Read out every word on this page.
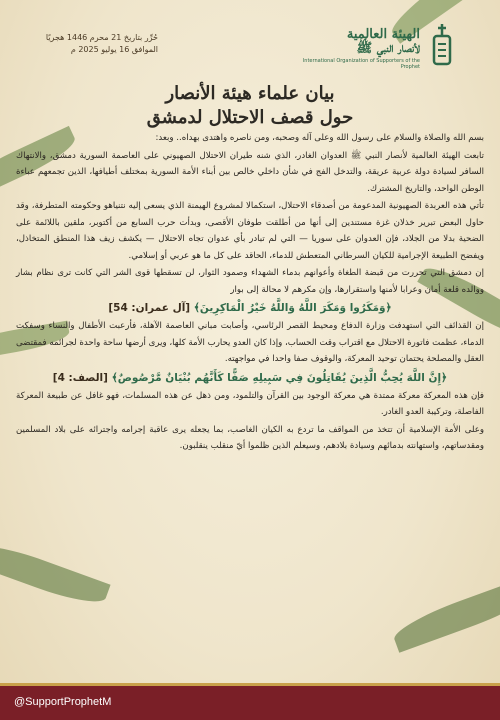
الهيئة العالمية
لأنصار النبي ﷺ
International Organization of Supporters of the Prophet
حُرِّر بتاريخ 21 محرم 1446 هجريًا
الموافق 16 يوليو 2025 م
بيان علماء هيئة الأنصار
حول قصف الاحتلال لدمشق

بسم الله والصلاة والسلام على رسول الله وعلى آله وصحبه، ومن ناصره واهتدى بهداه.. وبعد:

تابعت الهيئة العالمية لأنصار النبي ﷺ العدوان الغادر، الذي شنه طيران الاحتلال الصهيوني على العاصمة السورية دمشق، والانتهاك السافر لسيادة دولة عربية عريقة، والتدخل الفج في شأن داخلي خالص بين أبناء الأمة السورية بمختلف أطيافها، الذين تجمعهم عباءة الوطن الواحد، والتاريخ المشترك.

تأتي هذه العربدة الصهيونية المدعومة من أصدقاء الاحتلال، استكمالا لمشروع الهيمنة الذي يسعى إليه نتنياهو وحكومته المتطرفة، وقد حاول البعض تبرير خذلان غزة مستندين إلى أنها من أطلقت طوفان الأقصى، وبدأت حرب السابع من أكتوبر، ملقين باللائمة على الضحية بدلا من الجلاد، فإن العدوان على سوريا — التي لم تبادر بأي عدوان تجاه الاحتلال — يكشف زيف هذا المنطق المتخاذل، ويفضح الطبيعة الإجرامية للكيان السرطاني المتعطش للدماء، الحاقد على كل ما هو عربي أو إسلامي.

إن دمشق التي تحررت من قبضة الطغاة وأعوانهم بدماء الشهداء وصمود الثوار، لن تسقطها قوى الشر التي كانت ترى نظام بشار ووالده قلعة أمان وعرابا لأمنها واستقرارها، وإن مكرهم لا محالة إلى بوار

﴿وَمَكَرُوا وَمَكَرَ اللَّهُ وَاللَّهُ خَيْرُ الْمَاكِرِينَ﴾ [آل عمران: 54]

إن القذائف التي استهدفت وزارة الدفاع ومحيط القصر الرئاسي، وأصابت مباني العاصمة الآهلة، فأرعبت الأطفال والنساء وسفكت الدماء، عظمت فاتورة الاحتلال مع اقتراب وقت الحساب، وإذا كان العدو يحارب الأمة كلها، ويرى أرضها ساحة واحدة لجرائمه فمقتضى العقل والمصلحة يحتمان توحيد المعركة، والوقوف صفا واحدا في مواجهته.

﴿إِنَّ اللَّهَ يُحِبُّ الَّذِينَ يُقَاتِلُونَ فِي سَبِيلِهِ صَفًّا كَأَنَّهُم بُنْيَانٌ مَّرْصُوصٌ﴾ [الصف: 4]

فإن هذه المعركة معركة ممتدة هي معركة الوجود بين القرآن والتلمود، ومن ذهل عن هذه المسلمات، فهو غافل عن طبيعة المعركة الفاصلة، وتركيبة العدو الغادر.

وعلى الأمة الإسلامية أن تتخذ من المواقف ما تردع به الكيان الغاصب، بما يجعله يرى عاقبة إجرامه واجترائه على بلاد المسلمين ومقدساتهم، واستهانته بدمائهم وسيادة بلادهم، وسيعلم الذين ظلموا أيّ منقلب ينقلبون.

@SupportProphetM
